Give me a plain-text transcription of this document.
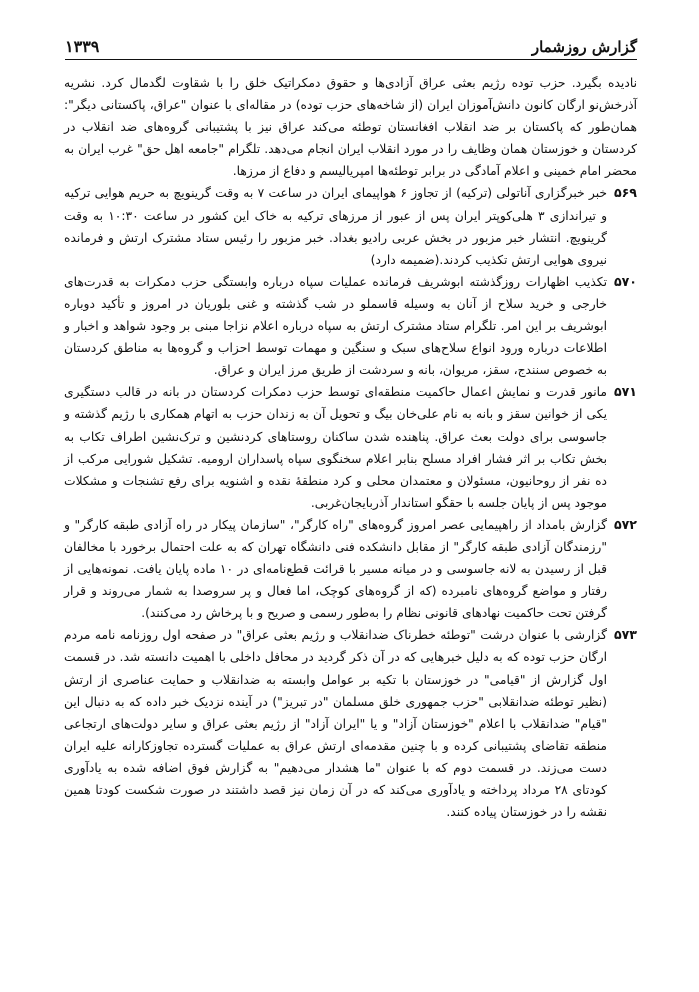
گزارش روزشمار
۱۳۳۹

نادیده بگیرد. حزب توده رژیم بعثی عراق آزادی‌ها و حقوق دمکراتیک خلق را با شقاوت لگدمال کرد. نشریه آذرخش‌نو ارگان کانون دانش‌آموزان ایران (از شاخه‌های حزب توده) در مقاله‌ای با عنوان "عراق، پاکستانی دیگر": همان‌طور که پاکستان بر ضد انقلاب افغانستان توطئه می‌کند عراق نیز با پشتیبانی گروه‌های ضد انقلاب در کردستان و خوزستان همان وظایف را در مورد انقلاب ایران انجام می‌دهد. تلگرام "جامعه اهل حق" غرب ایران به محضر امام خمینی و اعلام آمادگی در برابر توطئه‌ها امپریالیسم و دفاع از مرزها.

۵۶۹

خبر خبرگزاری آناتولی (ترکیه) از تجاوز ۶ هواپیمای ایران در ساعت ۷ به وقت گرینویچ به حریم هوایی ترکیه و تیراندازی ۳ هلی‌کوپتر ایران پس از عبور از مرزهای ترکیه به خاک این کشور در ساعت ۱۰:۳۰ به وقت گرینویچ. انتشار خبر مزبور در بخش عربی رادیو بغداد. خبر مزبور را رئیس ستاد مشترک ارتش و فرمانده نیروی هوایی ارتش تکذیب کردند.(ضمیمه دارد)

۵۷۰

تکذیب اظهارات روزگذشته ابوشریف فرمانده عملیات سپاه درباره وابستگی حزب دمکرات به قدرت‌های خارجی و خرید سلاح از آنان به وسیله قاسملو در شب گذشته و غنی بلوریان در امروز و تأکید دوباره ابوشریف بر این امر. تلگرام ستاد مشترک ارتش به سپاه درباره اعلام نزاجا مبنی بر وجود شواهد و اخبار و اطلاعات درباره ورود انواع سلاح‌های سبک و سنگین و مهمات توسط احزاب و گروه‌ها به مناطق کردستان به خصوص سنندج، سقز، مریوان، بانه و سردشت از طریق مرز ایران و عراق.

۵۷۱

مانور قدرت و نمایش اعمال حاکمیت منطقه‌ای توسط حزب دمکرات کردستان در بانه در قالب دستگیری یکی از خوانین سقز و بانه به نام علی‌خان بیگ و تحویل آن به زندان حزب به اتهام همکاری با رژیم گذشته و جاسوسی برای دولت بعث عراق. پناهنده شدن ساکنان روستاهای کردنشین و ترک‌نشین اطراف تکاب به بخش تکاب بر اثر فشار افراد مسلح بنابر اعلام سخنگوی سپاه پاسداران ارومیه. تشکیل شورایی مرکب از ده نفر از روحانیون، مسئولان و معتمدان محلی و کرد منطقهٔ نقده و اشنویه برای رفع تشنجات و مشکلات موجود پس از پایان جلسه با حقگو استاندار آذربایجان‌غربی.

۵۷۲

گزارش بامداد از راهپیمایی عصر امروز گروه‌های "راه کارگر"، "سازمان پیکار در راه آزادی طبقه کارگر" و "رزمندگان آزادی طبقه کارگر" از مقابل دانشکده فنی دانشگاه تهران که به علت احتمال برخورد با مخالفان قبل از رسیدن به لانه جاسوسی و در میانه مسیر با قرائت قطع‌نامه‌ای در ۱۰ ماده پایان یافت. نمونه‌هایی از رفتار و مواضع گروه‌های نامبرده (که از گروه‌های کوچک، اما فعال و پر سروصدا به شمار می‌روند و قرار گرفتن تحت حاکمیت نهادهای قانونی نظام را به‌طور رسمی و صریح و با پرخاش رد می‌کنند).

۵۷۳

گزارشی با عنوان درشت "توطئه خطرناک ضدانقلاب و رژیم بعثی عراق" در صفحه اول روزنامه نامه مردم ارگان حزب توده که به دلیل خبرهایی که در آن ذکر گردید در محافل داخلی با اهمیت دانسته شد. در قسمت اول گزارش از "قیامی" در خوزستان با تکیه بر عوامل وابسته به ضدانقلاب و حمایت عناصری از ارتش (نظیر توطئه ضدانقلابی "حزب جمهوری خلق مسلمان "در تبریز") در آینده نزدیک خبر داده که به دنبال این "قیام" ضدانقلاب با اعلام "خوزستان آزاد" و یا "ایران آزاد" از رژیم بعثی عراق و سایر دولت‌های ارتجاعی منطقه تقاضای پشتیبانی کرده و با چنین مقدمه‌ای ارتش عراق به عملیات گسترده تجاوزکارانه علیه ایران دست می‌زند. در قسمت دوم که با عنوان "ما هشدار می‌دهیم" به گزارش فوق اضافه شده به یادآوری کودتای ۲۸ مرداد پرداخته و یادآوری می‌کند که در آن زمان نیز قصد داشتند در صورت شکست کودتا همین نقشه را در خوزستان پیاده کنند.
